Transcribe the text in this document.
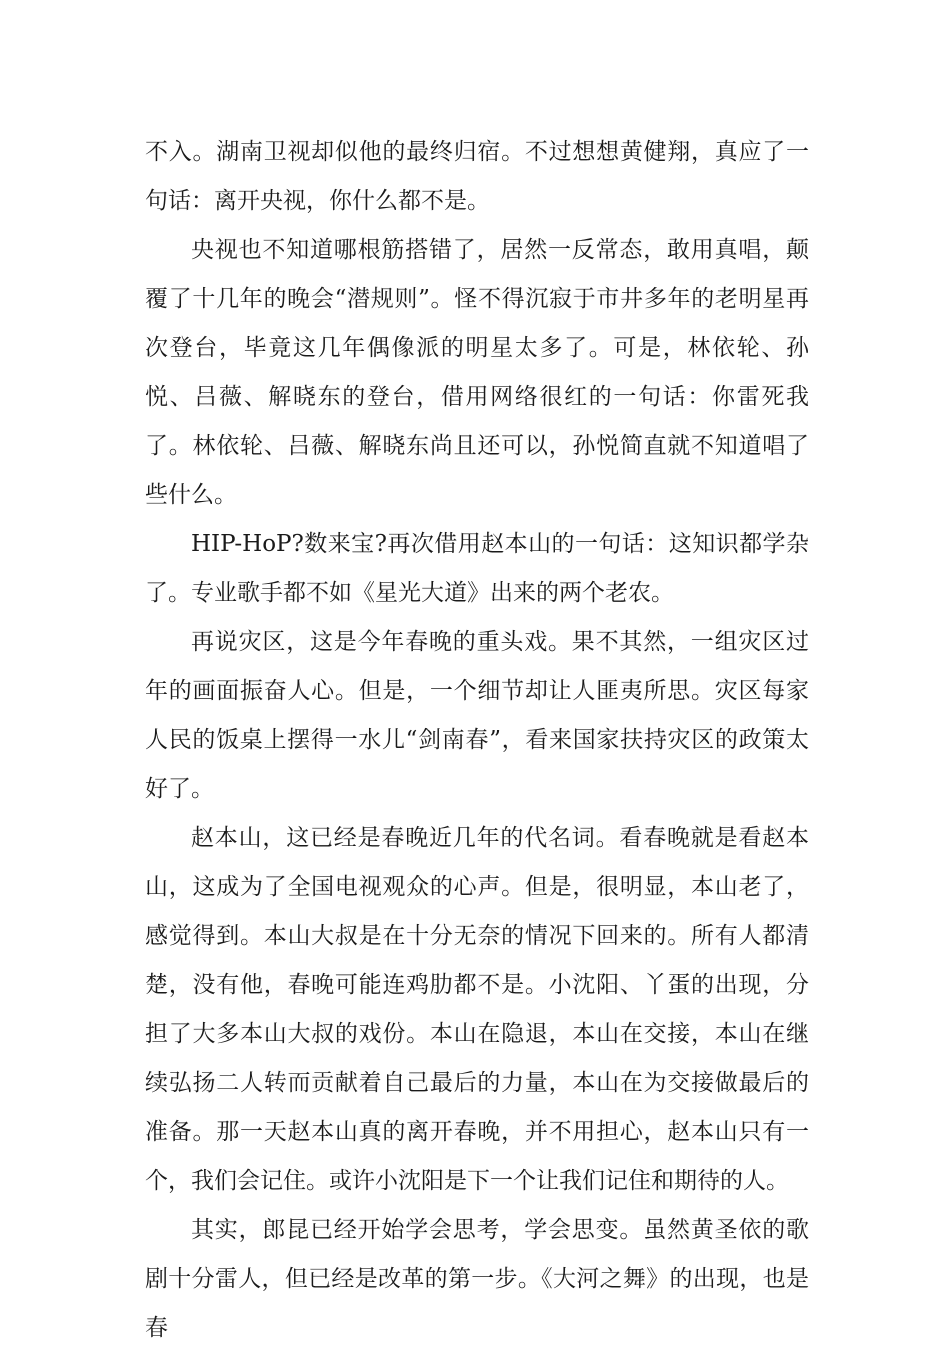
不入。湖南卫视却似他的最终归宿。不过想想黄健翔，真应了一句话：离开央视，你什么都不是。

央视也不知道哪根筋搭错了，居然一反常态，敢用真唱，颠覆了十几年的晚会“潜规则”。怪不得沉寂于市井多年的老明星再次登台，毕竟这几年偶像派的明星太多了。可是，林依轮、孙悦、吕薇、解晓东的登台，借用网络很红的一句话：你雷死我了。林依轮、吕薇、解晓东尚且还可以，孙悦简直就不知道唱了些什么。

HIP-HoP?数来宝?再次借用赵本山的一句话：这知识都学杂了。专业歌手都不如《星光大道》出来的两个老农。

再说灾区，这是今年春晚的重头戏。果不其然，一组灾区过年的画面振奋人心。但是，一个细节却让人匪夷所思。灾区每家人民的饭桌上摆得一水儿“剑南春”，看来国家扶持灾区的政策太好了。

赵本山，这已经是春晚近几年的代名词。看春晚就是看赵本山，这成为了全国电视观众的心声。但是，很明显，本山老了，感觉得到。本山大叔是在十分无奈的情况下回来的。所有人都清楚，没有他，春晚可能连鸡肋都不是。小沈阳、丫蛋的出现，分担了大多本山大叔的戏份。本山在隐退，本山在交接，本山在继续弘扬二人转而贡献着自己最后的力量，本山在为交接做最后的准备。那一天赵本山真的离开春晚，并不用担心，赵本山只有一个，我们会记住。或许小沈阳是下一个让我们记住和期待的人。

其实，郎昆已经开始学会思考，学会思变。虽然黄圣依的歌剧十分雷人，但已经是改革的第一步。《大河之舞》的出现，也是春
